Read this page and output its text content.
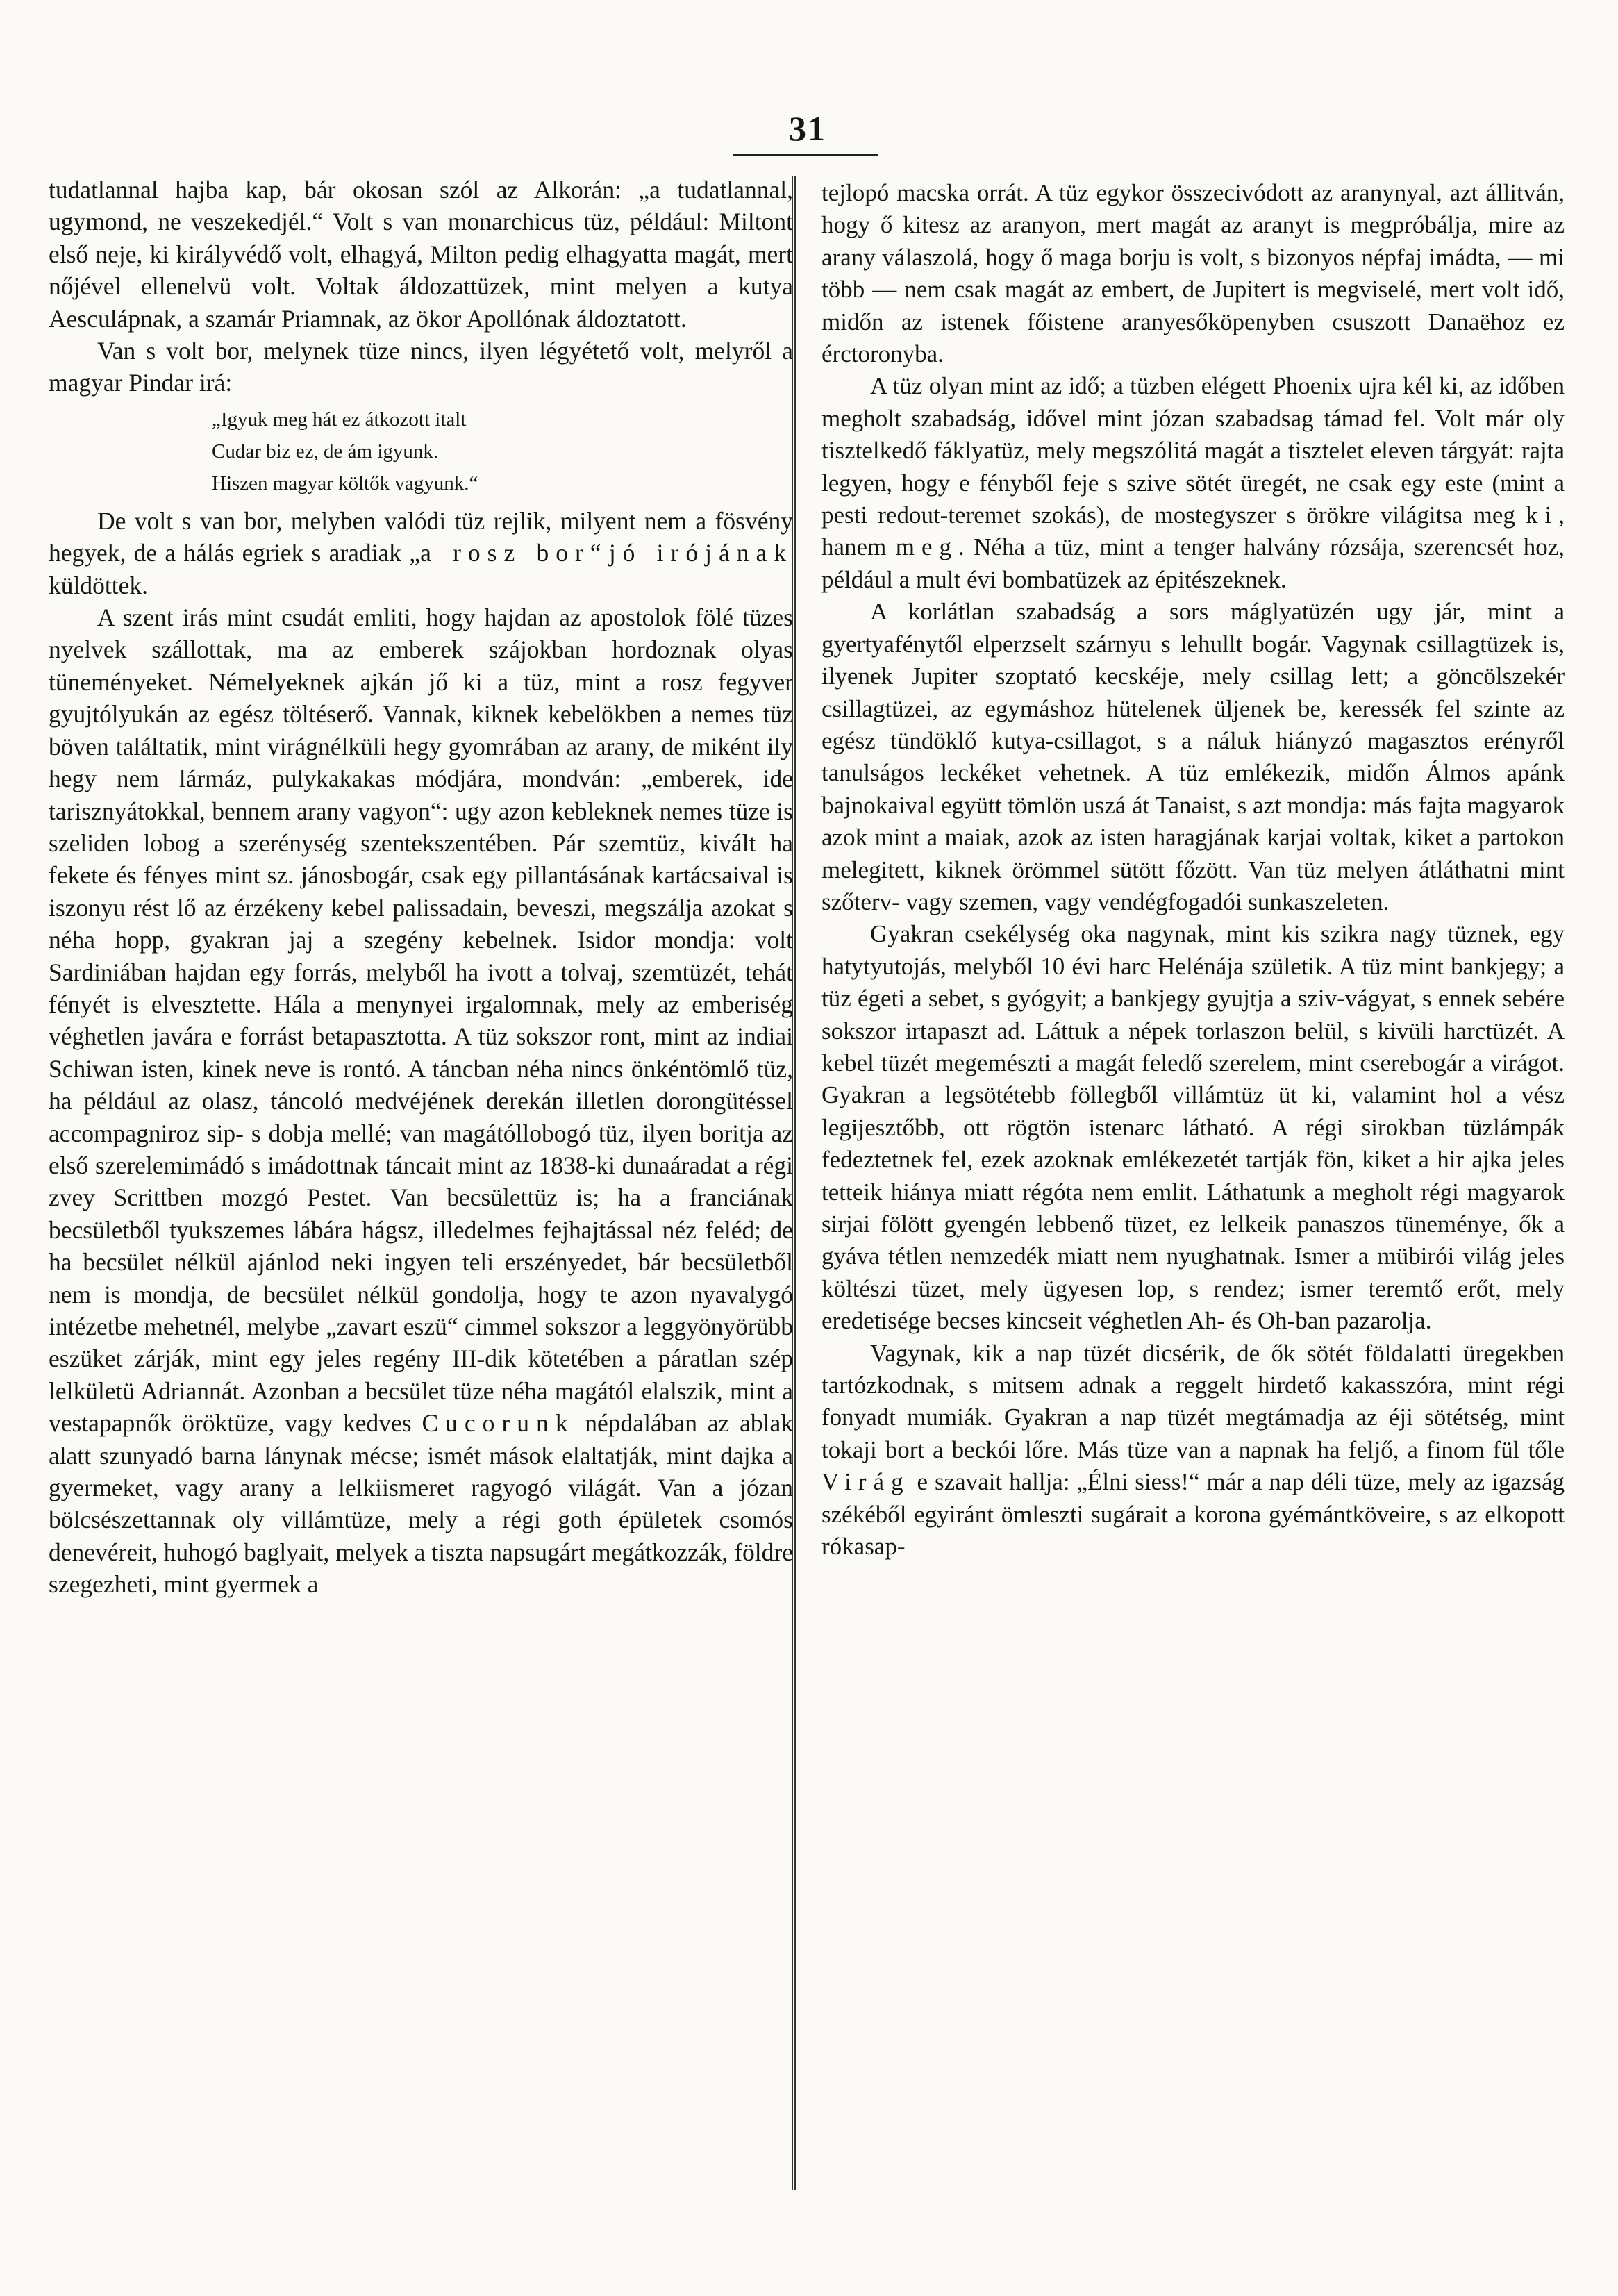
31

tudatlannal hajba kap, bár okosan szól az Alkorán: „a tudatlannal, ugymond, ne veszekedjél.“ Volt s van monarchicus tüz, például: Miltont első neje, ki királyvédő volt, elhagyá, Milton pedig elhagyatta magát, mert nőjével ellenelvü volt. Voltak áldozattüzek, mint melyen a kutya Aesculápnak, a szamár Priamnak, az ökor Apollónak áldoztatott.

Van s volt bor, melynek tüze nincs, ilyen légyétető volt, melyről a magyar Pindar irá:

„Igyuk meg hát ez átkozott italt
Cudar biz ez, de ám igyunk.
Hiszen magyar költők vagyunk.“

De volt s van bor, melyben valódi tüz rejlik, milyent nem a fösvény hegyek, de a hálás egriek s aradiak „a rosz bor“ jó irójának küldöttek.

A szent irás mint csudát emliti, hogy hajdan az apostolok fölé tüzes nyelvek szállottak, ma az emberek szájokban hordoznak olyas tüneményeket. Némelyeknek ajkán jő ki a tüz, mint a rosz fegyver gyujtólyukán az egész töltéserő. Vannak, kiknek kebelökben a nemes tüz böven találtatik, mint virágnélküli hegy gyomrában az arany, de miként ily hegy nem lármáz, pulykakakas módjára, mondván: „emberek, ide tarisznyátokkal, bennem arany vagyon“: ugy azon kebleknek nemes tüze is szeliden lobog a szerénység szentekszentében. Pár szemtüz, kivált ha fekete és fényes mint sz. jánosbogár, csak egy pillantásának kartácsaival is iszonyu rést lő az érzékeny kebel palissadain, beveszi, megszálja azokat s néha hopp, gyakran jaj a szegény kebelnek. Isidor mondja: volt Sardiniában hajdan egy forrás, melyből ha ivott a tolvaj, szemtüzét, tehát fényét is elvesztette. Hála a menynyei irgalomnak, mely az emberiség véghetlen javára e forrást betapasztotta. A tüz sokszor ront, mint az indiai Schiwan isten, kinek neve is rontó. A táncban néha nincs önkéntömlő tüz, ha például az olasz, táncoló medvéjének derekán illetlen dorongütéssel accompagniroz sip- s dobja mellé; van magátóllobogó tüz, ilyen boritja az első szerelemimádó s imádottnak táncait mint az 1838-ki dunaáradat a régi zvey Scrittben mozgó Pestet. Van becsülettüz is; ha a franciának becsületből tyukszemes lábára hágsz, illedelmes fejhajtással néz feléd; de ha becsület nélkül ajánlod neki ingyen teli erszényedet, bár becsületből nem is mondja, de becsület nélkül gondolja, hogy te azon nyavalygó intézetbe mehetnél, melybe „zavart eszü“ cimmel sokszor a leggyönyörübb eszüket zárják, mint egy jeles regény III-dik kötetében a páratlan szép lelkületü Adriannát. Azonban a becsület tüze néha magától elalszik, mint a vestapapnők öröktüze, vagy kedves Cucorunk népdalában az ablak alatt szunyadó barna lánynak mécse; ismét mások elaltatják, mint dajka a gyermeket, vagy arany a lelkiismeret ragyogó világát. Van a józan bölcsészettannak oly villámtüze, mely a régi goth épületek csomós denevéreit, huhogó baglyait, melyek a tiszta napsugárt megátkozzák, földre szegezheti, mint gyermek a

tejlopó macska orrát. A tüz egykor összecivódott az aranynyal, azt állitván, hogy ő kitesz az aranyon, mert magát az aranyt is megpróbálja, mire az arany válaszolá, hogy ő maga borju is volt, s bizonyos népfaj imádta, — mi több — nem csak magát az embert, de Jupitert is megviselé, mert volt idő, midőn az istenek főistene aranyesőköpenyben csuszott Danaëhoz ez érctoronyba.

A tüz olyan mint az idő; a tüzben elégett Phoenix ujra kél ki, az időben megholt szabadság, idővel mint józan szabadsag támad fel. Volt már oly tisztelkedő fáklyatüz, mely megszólitá magát a tisztelet eleven tárgyát: rajta legyen, hogy e fényből feje s szive sötét üregét, ne csak egy este (mint a pesti redout-teremet szokás), de mostegyszer s örökre világitsa meg ki, hanem meg. Néha a tüz, mint a tenger halvány rózsája, szerencsét hoz, például a mult évi bombatüzek az épitészeknek.

A korlátlan szabadság a sors máglyatüzén ugy jár, mint a gyertyafénytől elperzselt szárnyu s lehullt bogár. Vagynak csillagtüzek is, ilyenek Jupiter szoptató kecskéje, mely csillag lett; a göncölszekér csillagtüzei, az egymáshoz hütelenek üljenek be, keressék fel szinte az egész tündöklő kutya-csillagot, s a náluk hiányzó magasztos erényről tanulságos leckéket vehetnek. A tüz emlékezik, midőn Álmos apánk bajnokaival együtt tömlön uszá át Tanaist, s azt mondja: más fajta magyarok azok mint a maiak, azok az isten haragjának karjai voltak, kiket a partokon melegitett, kiknek örömmel sütött főzött. Van tüz melyen átláthatni mint szőterv- vagy szemen, vagy vendégfogadói sunkaszeleten.

Gyakran csekélység oka nagynak, mint kis szikra nagy tüznek, egy hatytyutojás, melyből 10 évi harc Helénája születik. A tüz mint bankjegy; a tüz égeti a sebet, s gyógyit; a bankjegy gyujtja a sziv-vágyat, s ennek sebére sokszor irtapaszt ad. Láttuk a népek torlaszon belül, s kivüli harctüzét. A kebel tüzét megemészti a magát feledő szerelem, mint cserebogár a virágot. Gyakran a legsötétebb föllegből villámtüz üt ki, valamint hol a vész legijesztőbb, ott rögtön istenarc látható. A régi sirokban tüzlámpák fedeztetnek fel, ezek azoknak emlékezetét tartják fön, kiket a hir ajka jeles tetteik hiánya miatt régóta nem emlit. Láthatunk a megholt régi magyarok sirjai fölött gyengén lebbenő tüzet, ez lelkeik panaszos tüneménye, ők a gyáva tétlen nemzedék miatt nem nyughatnak. Ismer a mübirói világ jeles költészi tüzet, mely ügyesen lop, s rendez; ismer teremtő erőt, mely eredetisége becses kincseit véghetlen Ah- és Oh-ban pazarolja.

Vagynak, kik a nap tüzét dicsérik, de ők sötét földalatti üregekben tartózkodnak, s mitsem adnak a reggelt hirdető kakasszóra, mint régi fonyadt mumiák. Gyakran a nap tüzét megtámadja az éji sötétség, mint tokaji bort a beckói lőre. Más tüze van a napnak ha feljő, a finom fül tőle Virág e szavait hallja: „Élni siess!“ már a nap déli tüze, mely az igazság székéből egyiránt ömleszti sugárait a korona gyémántköveire, s az elkopott rókasap-
